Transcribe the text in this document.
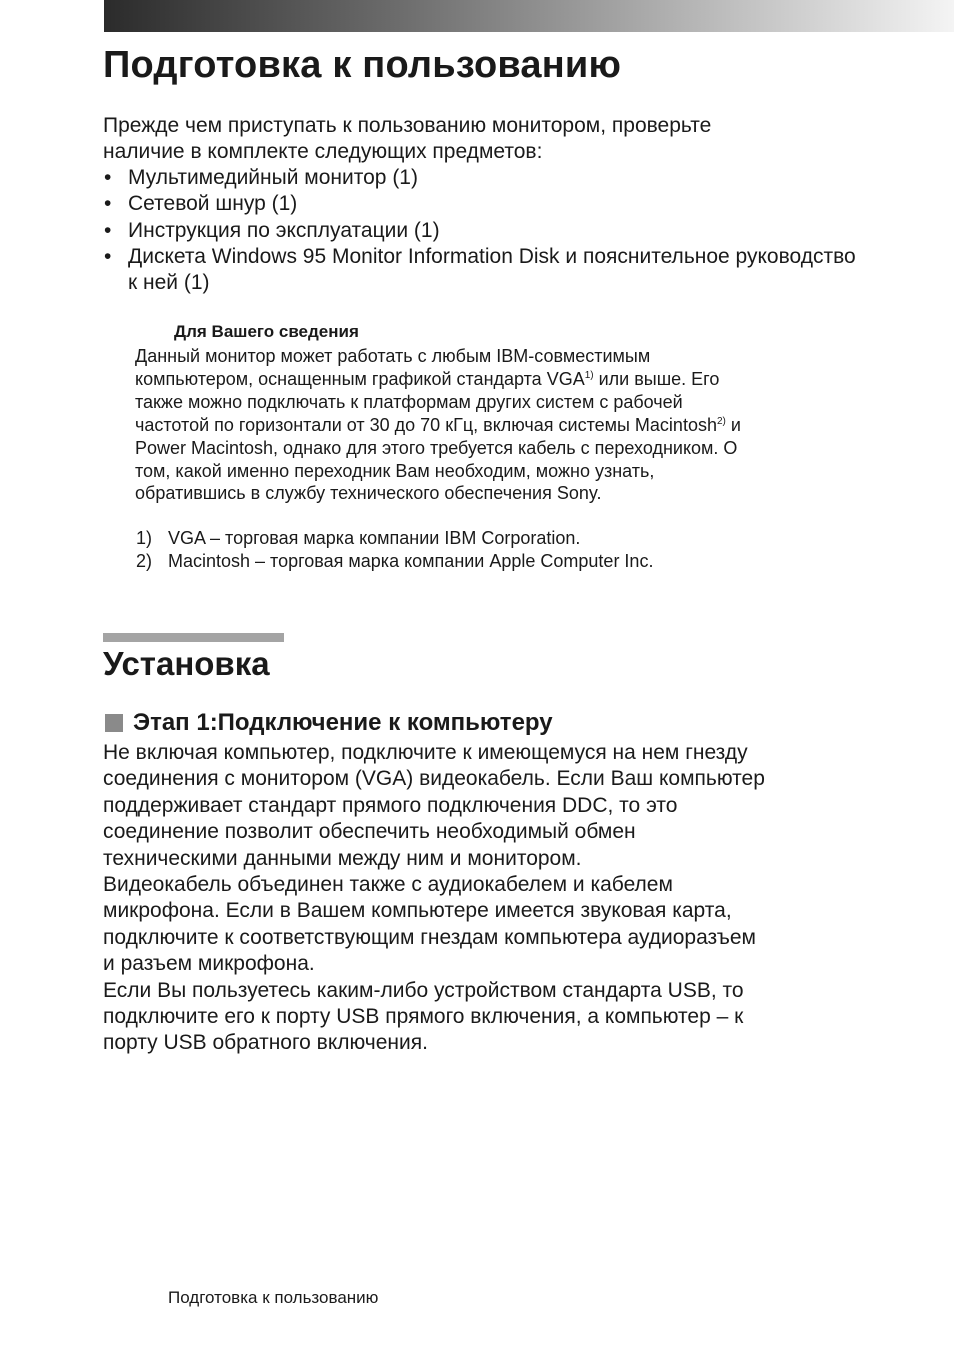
Подготовка к пользованию

Прежде чем приступать к пользованию монитором, проверьте
наличие в комплекте следующих предметов:

• Мультимедийный монитор (1)
• Сетевой шнур (1)
• Инструкция по эксплуатации (1)
• Дискета Windows 95 Monitor Information Disk и пояснительное руководство к ней (1)
Для Вашего сведения

Данный монитор может работать с любым IBM-совместимым
компьютером, оснащенным графикой стандарта VGA$^{1)}$ или выше. Его
также можно подключать к платформам других систем с рабочей
частотой по горизонтали от 30 до 70 кГц, включая системы Macintosh$^{2)}$ и
Power Macintosh, однако для этого требуется кабель с переходником. О
том, какой именно переходник Вам необходим, можно узнать,
обратившись в службу технического обеспечения Sony.

1) VGA – торговая марка компании IBM Corporation.
2) Macintosh – торговая марка компании Apple Computer Inc.
Установка
Этап 1:Подключение к компьютеру

Не включая компьютер, подключите к имеющемуся на нем гнезду
соединения с монитором (VGA) видеокабель. Если Ваш компьютер
поддерживает стандарт прямого подключения DDC, то это
соединение позволит обеспечить необходимый обмен
техническими данными между ним и монитором.

Видеокабель объединен также с аудиокабелем и кабелем
микрофона. Если в Вашем компьютере имеется звуковая карта,
подключите к соответствующим гнездам компьютера аудиоразъем
и разъем микрофона.

Если Вы пользуетесь каким-либо устройством стандарта USB, то
подключите его к порту USB прямого включения, а компьютер – к
порту USB обратного включения.

Подготовка к пользованию
